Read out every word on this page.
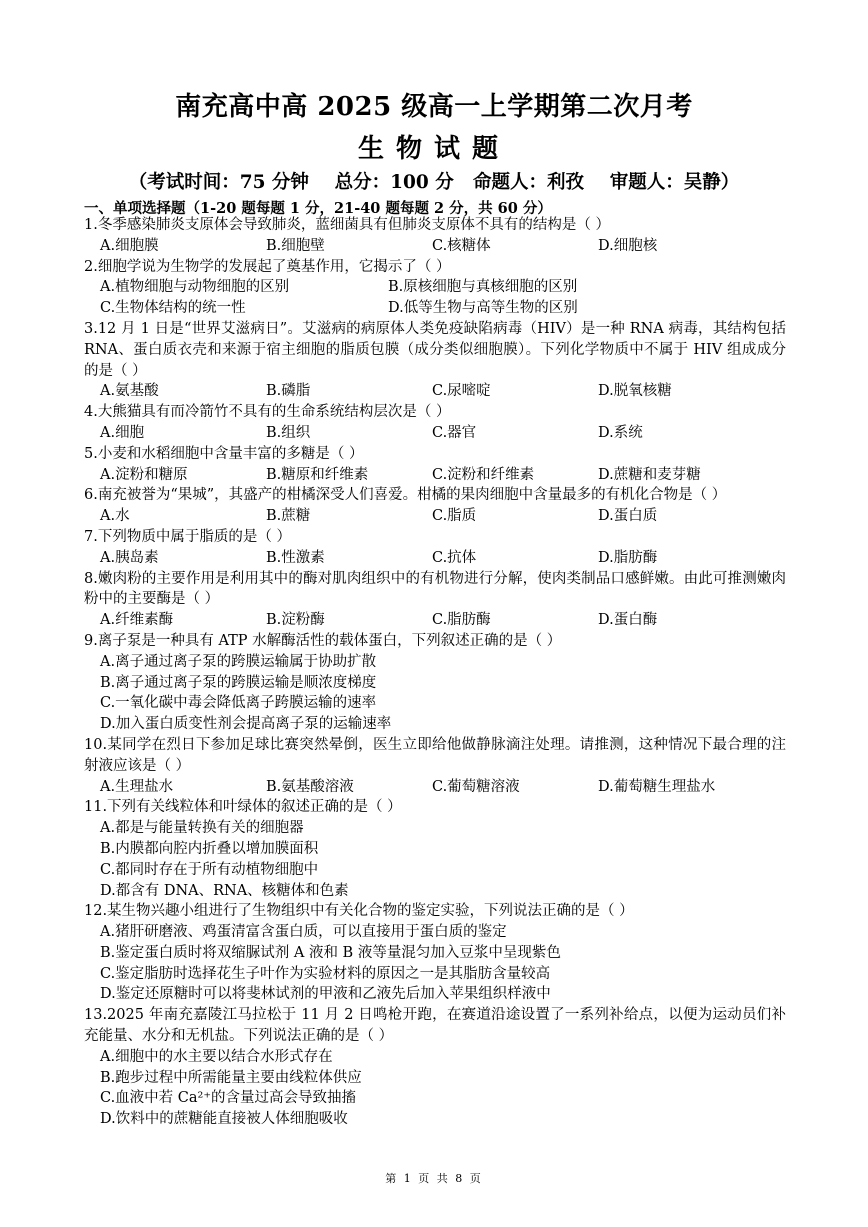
南充高中高 2025 级高一上学期第二次月考
生物试题
（考试时间：75 分钟    总分：100 分   命题人：利孜    审题人：吴静）
一、单项选择题（1-20 题每题 1 分，21-40 题每题 2 分，共 60 分）
1.冬季感染肺炎支原体会导致肺炎，蓝细菌具有但肺炎支原体不具有的结构是（ ）
A.细胞膜	B.细胞壁	C.核糖体	D.细胞核
2.细胞学说为生物学的发展起了奠基作用，它揭示了（ ）
A.植物细胞与动物细胞的区别	B.原核细胞与真核细胞的区别
C.生物体结构的统一性	D.低等生物与高等生物的区别
3.12 月 1 日是“世界艾滋病日”。艾滋病的病原体人类免疫缺陷病毒（HIV）是一种 RNA 病毒，其结构包括 RNA、蛋白质衣壳和来源于宿主细胞的脂质包膜（成分类似细胞膜）。下列化学物质中不属于 HIV 组成成分的是（ ）
A.氨基酸	B.磷脂	C.尿嘧啶	D.脱氧核糖
4.大熊猫具有而冷箭竹不具有的生命系统结构层次是（ ）
A.细胞	B.组织	C.器官	D.系统
5.小麦和水稻细胞中含量丰富的多糖是（ ）
A.淀粉和糖原	B.糖原和纤维素	C.淀粉和纤维素	D.蔗糖和麦芽糖
6.南充被誉为“果城”，其盛产的柑橘深受人们喜爱。柑橘的果肉细胞中含量最多的有机化合物是（ ）
A.水	B.蔗糖	C.脂质	D.蛋白质
7.下列物质中属于脂质的是（ ）
A.胰岛素	B.性激素	C.抗体	D.脂肪酶
8.嫩肉粉的主要作用是利用其中的酶对肌肉组织中的有机物进行分解，使肉类制品口感鲜嫩。由此可推测嫩肉粉中的主要酶是（ ）
A.纤维素酶	B.淀粉酶	C.脂肪酶	D.蛋白酶
9.离子泵是一种具有 ATP 水解酶活性的载体蛋白，下列叙述正确的是（ ）
A.离子通过离子泵的跨膜运输属于协助扩散
B.离子通过离子泵的跨膜运输是顺浓度梯度
C.一氧化碳中毒会降低离子跨膜运输的速率
D.加入蛋白质变性剂会提高离子泵的运输速率
10.某同学在烈日下参加足球比赛突然晕倒，医生立即给他做静脉滴注处理。请推测，这种情况下最合理的注射液应该是（ ）
A.生理盐水	B.氨基酸溶液	C.葡萄糖溶液	D.葡萄糖生理盐水
11.下列有关线粒体和叶绿体的叙述正确的是（ ）
A.都是与能量转换有关的细胞器
B.内膜都向腔内折叠以增加膜面积
C.都同时存在于所有动植物细胞中
D.都含有 DNA、RNA、核糖体和色素
12.某生物兴趣小组进行了生物组织中有关化合物的鉴定实验，下列说法正确的是（ ）
A.猪肝研磨液、鸡蛋清富含蛋白质，可以直接用于蛋白质的鉴定
B.鉴定蛋白质时将双缩脲试剂 A 液和 B 液等量混匀加入豆浆中呈现紫色
C.鉴定脂肪时选择花生子叶作为实验材料的原因之一是其脂肪含量较高
D.鉴定还原糖时可以将斐林试剂的甲液和乙液先后加入苹果组织样液中
13.2025 年南充嘉陵江马拉松于 11 月 2 日鸣枪开跑，在赛道沿途设置了一系列补给点，以便为运动员们补充能量、水分和无机盐。下列说法正确的是（ ）
A.细胞中的水主要以结合水形式存在
B.跑步过程中所需能量主要由线粒体供应
C.血液中若 Ca²⁺的含量过高会导致抽搐
D.饮料中的蔗糖能直接被人体细胞吸收
第 1 页 共 8 页
